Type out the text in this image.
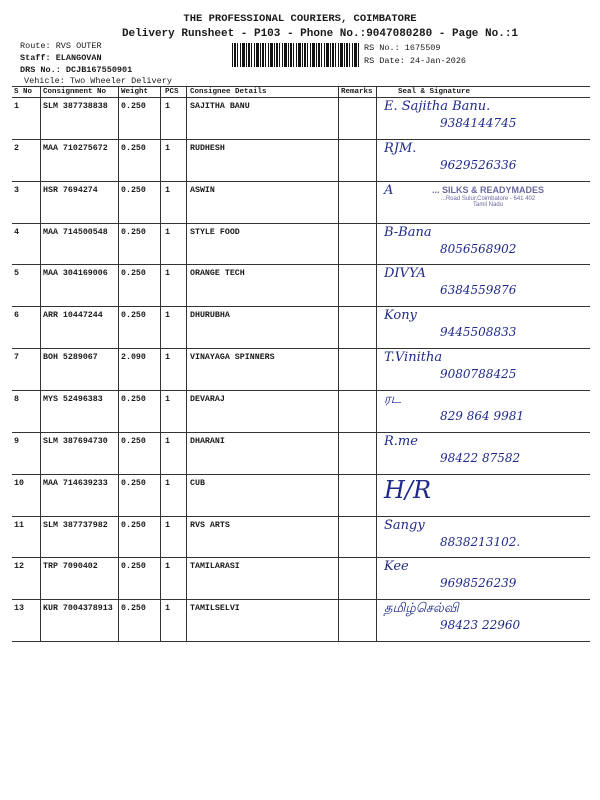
THE PROFESSIONAL COURIERS, COIMBATORE
Delivery Runsheet - P103 - Phone No.:9047080280 - Page No.:1
Route: RVS OUTER
Staff: ELANGOVAN
DRS No.: DCJB167550901
Vehicle: Two Wheeler Delivery
RS No.: 1675509
RS Date: 24-Jan-2026
S No Consignment No Weight PCS Consignee Details	Remarks	Seal & Signature
1	SLM 387738838 0.250 1 SAJITHA BANU	E. Sajitha Banu.
9384144745
2	MAA 710275672 0.250 1 RUDHESH	RJM.
9629526336
3	HSR 7694274	0.250 1 ASWIN	A
4	MAA 714500548 0.250 1 STYLE FOOD	B-Bana
8056568902
5	MAA 304169006 0.250 1 ORANGE TECH	DIVYA
6384559876
6	ARR 10447244 0.250 1 DHURUBHA	Kony
9445508833
7	BOH 5289067	2.090 1 VINAYAGA SPINNERS	T.Vinitha
9080788425
8	MYS 52496383 0.250 1 DEVARAJ	ரட
829 864 9981
9	SLM 387694730 0.250 1 DHARANI	R.me
98422 87582
10 MAA 714639233 0.250 1 CUB	H/R
11 SLM 387737982 0.250 1 RVS ARTS	Sangy
8838213102.
12 TRP 7090402	0.250 1 TAMILARASI	Kee
9698526239
13 KUR 7004378913 0.250 1 TAMILSELVI	தமிழ்செல்வி
98423 22960
... SILKS & READYMADES
...Road Sulur,Coimbatore - 641 402
Tamil Nadu
